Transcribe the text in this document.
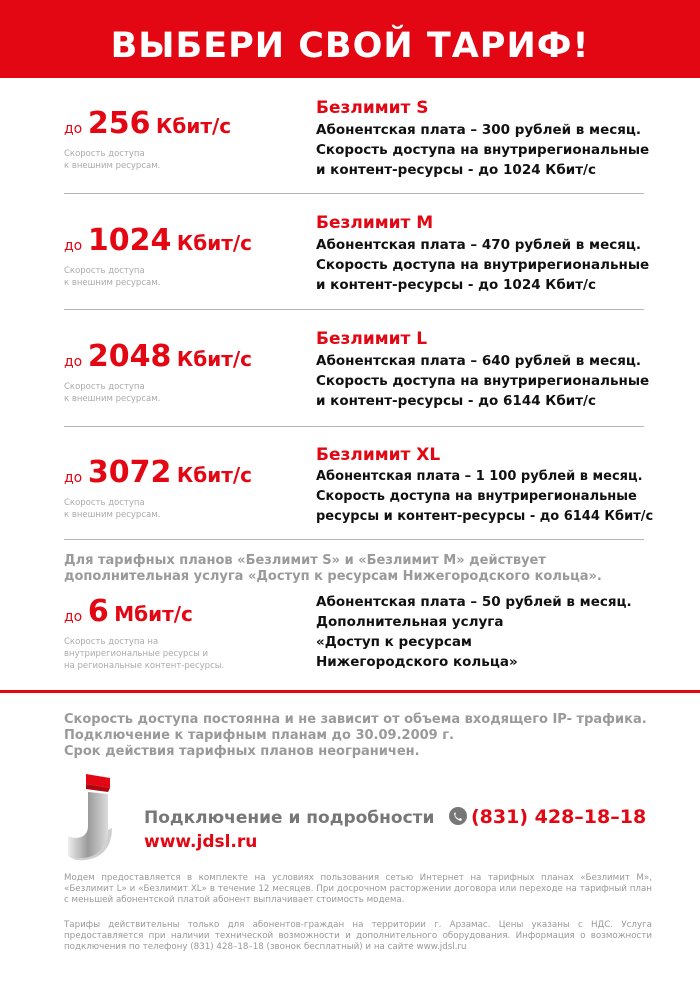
ВЫБЕРИ СВОЙ ТАРИФ!
до 256 Кбит/с
Скорость доступа
к внешним ресурсам.
Безлимит S
Абонентская плата – 300 рублей в месяц.
Скорость доступа на внутрирегиональные
и контент-ресурсы - до 1024 Кбит/с
до 1024 Кбит/с
Скорость доступа
к внешним ресурсам.
Безлимит M
Абонентская плата – 470 рублей в месяц.
Скорость доступа на внутрирегиональные
и контент-ресурсы - до 1024 Кбит/с
до 2048 Кбит/с
Скорость доступа
к внешним ресурсам.
Безлимит L
Абонентская плата – 640 рублей в месяц.
Скорость доступа на внутрирегиональные
и контент-ресурсы - до 6144 Кбит/с
до 3072 Кбит/с
Скорость доступа
к внешним ресурсам.
Безлимит XL
Абонентская плата – 1 100 рублей в месяц.
Скорость доступа на внутрирегиональные
ресурсы и контент-ресурсы - до 6144 Кбит/с
Для тарифных планов «Безлимит S» и «Безлимит M» действует
дополнительная услуга «Доступ к ресурсам Нижегородского кольца».
до 6 Мбит/с
Скорость доступа на
внутрирегиональные ресурсы и
на региональные контент-ресурсы.
Абонентская плата – 50 рублей в месяц.
Дополнительная услуга
«Доступ к ресурсам
Нижегородского кольца»
Скорость доступа постоянна и не зависит от объема входящего IP- трафика.
Подключение к тарифным планам до 30.09.2009 г.
Срок действия тарифных планов неограничен.
Подключение и подробности	(831) 428–18–18
www.jdsl.ru
Модем предоставляется в комплекте на условиях пользования сетью Интернет на тарифных планах «Безлимит M», «Безлимит L» и «Безлимит XL» в течение 12 месяцев. При досрочном расторжении договора или переходе на тарифный план с меньшей абонентской платой абонент выплачивает стоимость модема.
Тарифы действительны только для абонентов-граждан на территории г. Арзамас. Цены указаны с НДС. Услуга предоставляется при наличии технической возможности и дополнительного оборудования. Информация о возможности подключения по телефону (831) 428–18–18 (звонок бесплатный) и на сайте www.jdsl.ru
